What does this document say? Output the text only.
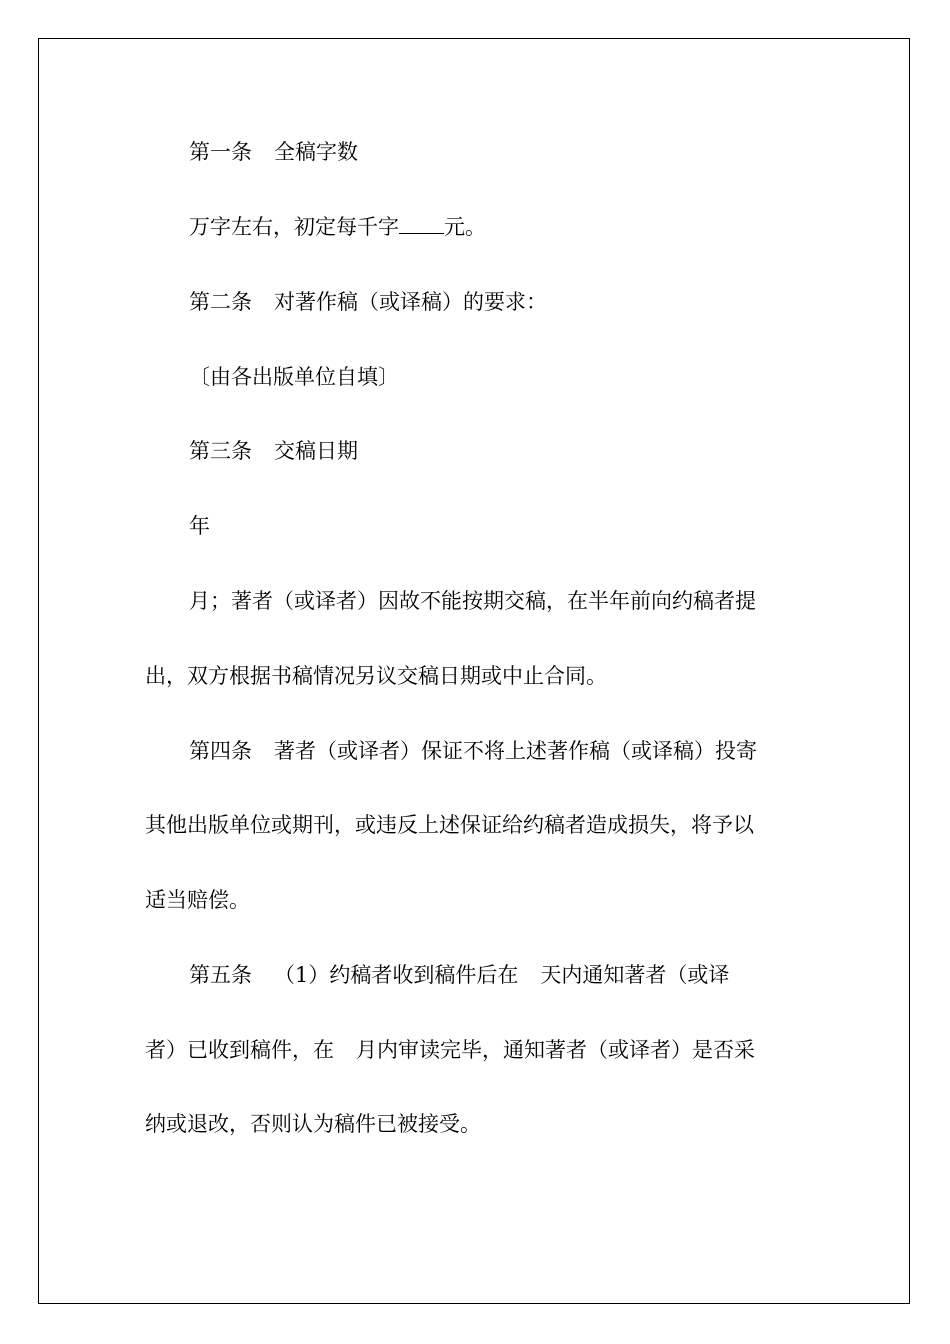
第一条 全稿字数
万字左右，初定每千字 元。
第二条 对著作稿（或译稿）的要求：
〔由各出版单位自填〕
第三条 交稿日期
年
月；著者（或译者）因故不能按期交稿，在半年前向约稿者提
出，双方根据书稿情况另议交稿日期或中止合同。
第四条 著者（或译者）保证不将上述著作稿（或译稿）投寄
其他出版单位或期刊，或违反上述保证给约稿者造成损失，将予以
适当赔偿。
第五条 （1）约稿者收到稿件后在 天内通知著者（或译
者）已收到稿件，在 月内审读完毕，通知著者（或译者）是否采
纳或退改，否则认为稿件已被接受。
